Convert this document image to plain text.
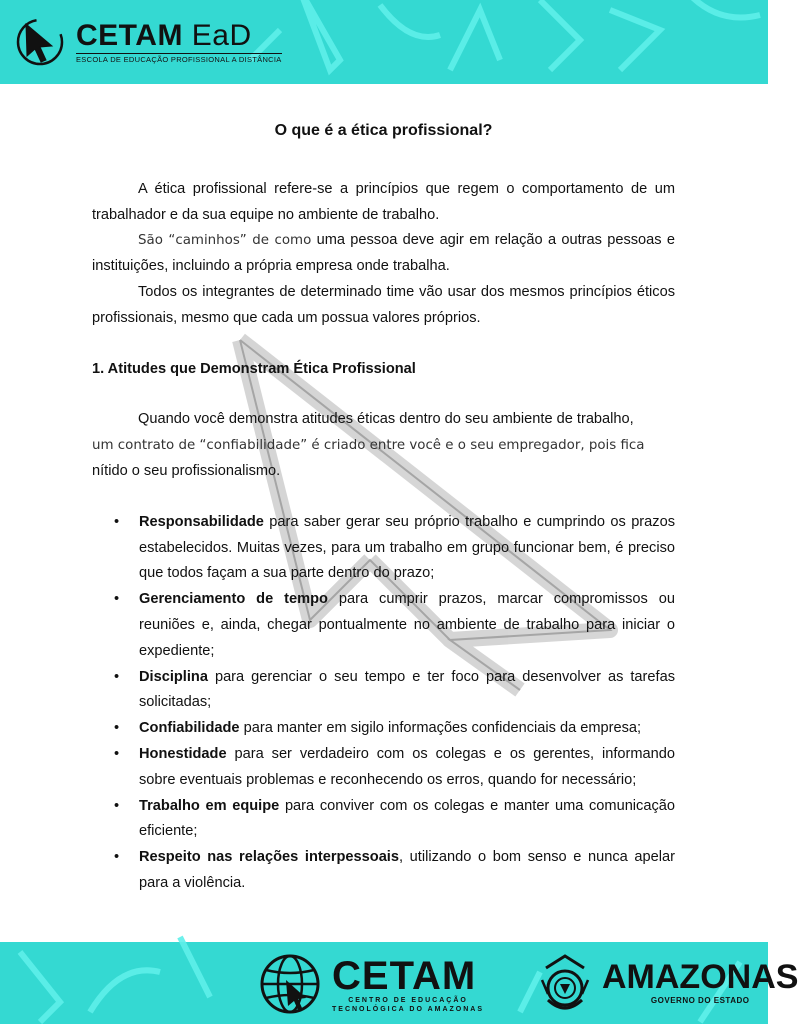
CETAM EaD
ESCOLA DE EDUCAÇÃO PROFISSIONAL A DISTÂNCIA
O que é a ética profissional?

A ética profissional refere-se a princípios que regem o comportamento de um trabalhador e da sua equipe no ambiente de trabalho.

São “caminhos” de como uma pessoa deve agir em relação a outras pessoas e instituições, incluindo a própria empresa onde trabalha.

Todos os integrantes de determinado time vão usar dos mesmos princípios éticos profissionais, mesmo que cada um possua valores próprios.

1. Atitudes que Demonstram Ética Profissional

Quando você demonstra atitudes éticas dentro do seu ambiente de trabalho,

um contrato de “confiabilidade” é criado entre você e o seu empregador, pois fica

nítido o seu profissionalismo.

• Responsabilidade para saber gerar seu próprio trabalho e cumprindo os prazos estabelecidos. Muitas vezes, para um trabalho em grupo funcionar bem, é preciso que todos façam a sua parte dentro do prazo;
• Gerenciamento de tempo para cumprir prazos, marcar compromissos ou reuniões e, ainda, chegar pontualmente no ambiente de trabalho para iniciar o expediente;
• Disciplina para gerenciar o seu tempo e ter foco para desenvolver as tarefas solicitadas;
• Confiabilidade para manter em sigilo informações confidenciais da empresa;
• Honestidade para ser verdadeiro com os colegas e os gerentes, informando sobre eventuais problemas e reconhecendo os erros, quando for necessário;
• Trabalho em equipe para conviver com os colegas e manter uma comunicação eficiente;
• Respeito nas relações interpessoais, utilizando o bom senso e nunca apelar para a violência.
CETAM
CENTRO DE EDUCAÇÃO
TECNOLÓGICA DO AMAZONAS
AMAZONAS
GOVERNO DO ESTADO
